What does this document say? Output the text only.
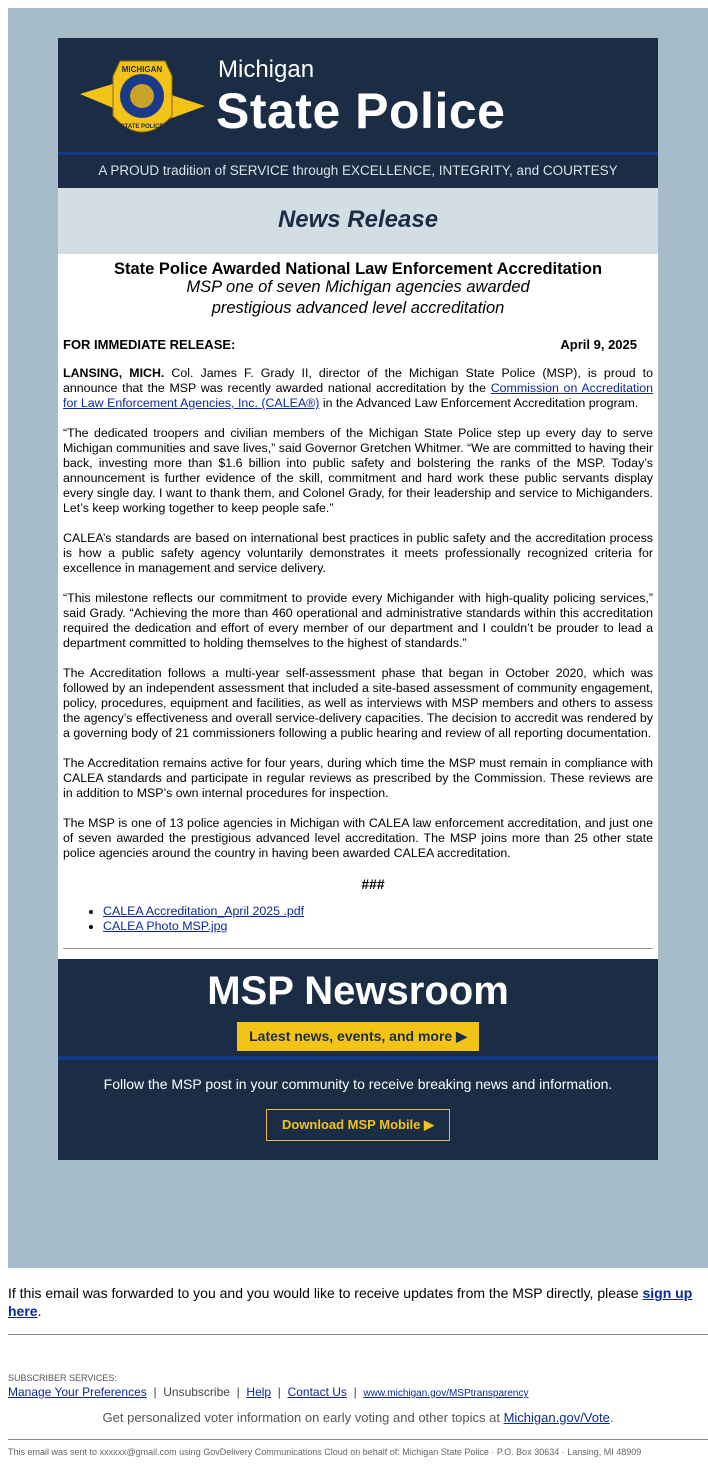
MICHIGAN
STATE POLICE
Michigan
State Police
A PROUD tradition of SERVICE through EXCELLENCE, INTEGRITY, and COURTESY
News Release
State Police Awarded National Law Enforcement Accreditation
MSP one of seven Michigan agencies awarded
prestigious advanced level accreditation
FOR IMMEDIATE RELEASE:	April 9, 2025

LANSING, MICH. Col. James F. Grady II, director of the Michigan State Police (MSP), is proud to announce that the MSP was recently awarded national accreditation by the Commission on Accreditation for Law Enforcement Agencies, Inc. (CALEA®) in the Advanced Law Enforcement Accreditation program.

“The dedicated troopers and civilian members of the Michigan State Police step up every day to serve Michigan communities and save lives,” said Governor Gretchen Whitmer. “We are committed to having their back, investing more than $1.6 billion into public safety and bolstering the ranks of the MSP. Today’s announcement is further evidence of the skill, commitment and hard work these public servants display every single day. I want to thank them, and Colonel Grady, for their leadership and service to Michiganders. Let’s keep working together to keep people safe.”

CALEA’s standards are based on international best practices in public safety and the accreditation process is how a public safety agency voluntarily demonstrates it meets professionally recognized criteria for excellence in management and service delivery.

“This milestone reflects our commitment to provide every Michigander with high-quality policing services,” said Grady. “Achieving the more than 460 operational and administrative standards within this accreditation required the dedication and effort of every member of our department and I couldn’t be prouder to lead a department committed to holding themselves to the highest of standards.”

The Accreditation follows a multi-year self-assessment phase that began in October 2020, which was followed by an independent assessment that included a site-based assessment of community engagement, policy, procedures, equipment and facilities, as well as interviews with MSP members and others to assess the agency’s effectiveness and overall service-delivery capacities. The decision to accredit was rendered by a governing body of 21 commissioners following a public hearing and review of all reporting documentation.

The Accreditation remains active for four years, during which time the MSP must remain in compliance with CALEA standards and participate in regular reviews as prescribed by the Commission. These reviews are in addition to MSP’s own internal procedures for inspection.

The MSP is one of 13 police agencies in Michigan with CALEA law enforcement accreditation, and just one of seven awarded the prestigious advanced level accreditation. The MSP joins more than 25 other state police agencies around the country in having been awarded CALEA accreditation.

###
• CALEA Accreditation_April 2025 .pdf
• CALEA Photo MSP.jpg
MSP Newsroom
Latest news, events, and more ▶
Follow the MSP post in your community to receive breaking news and information.
Download MSP Mobile ▶
If this email was forwarded to you and you would like to receive updates from the MSP directly, please sign up here.
SUBSCRIBER SERVICES:
Manage Your Preferences | Unsubscribe | Help | Contact Us | www.michigan.gov/MSPtransparency
Get personalized voter information on early voting and other topics at Michigan.gov/Vote.
This email was sent to xxxxxx@gmail.com using GovDelivery Communications Cloud on behalf of: Michigan State Police · P.O. Box 30634 · Lansing, MI 48909
